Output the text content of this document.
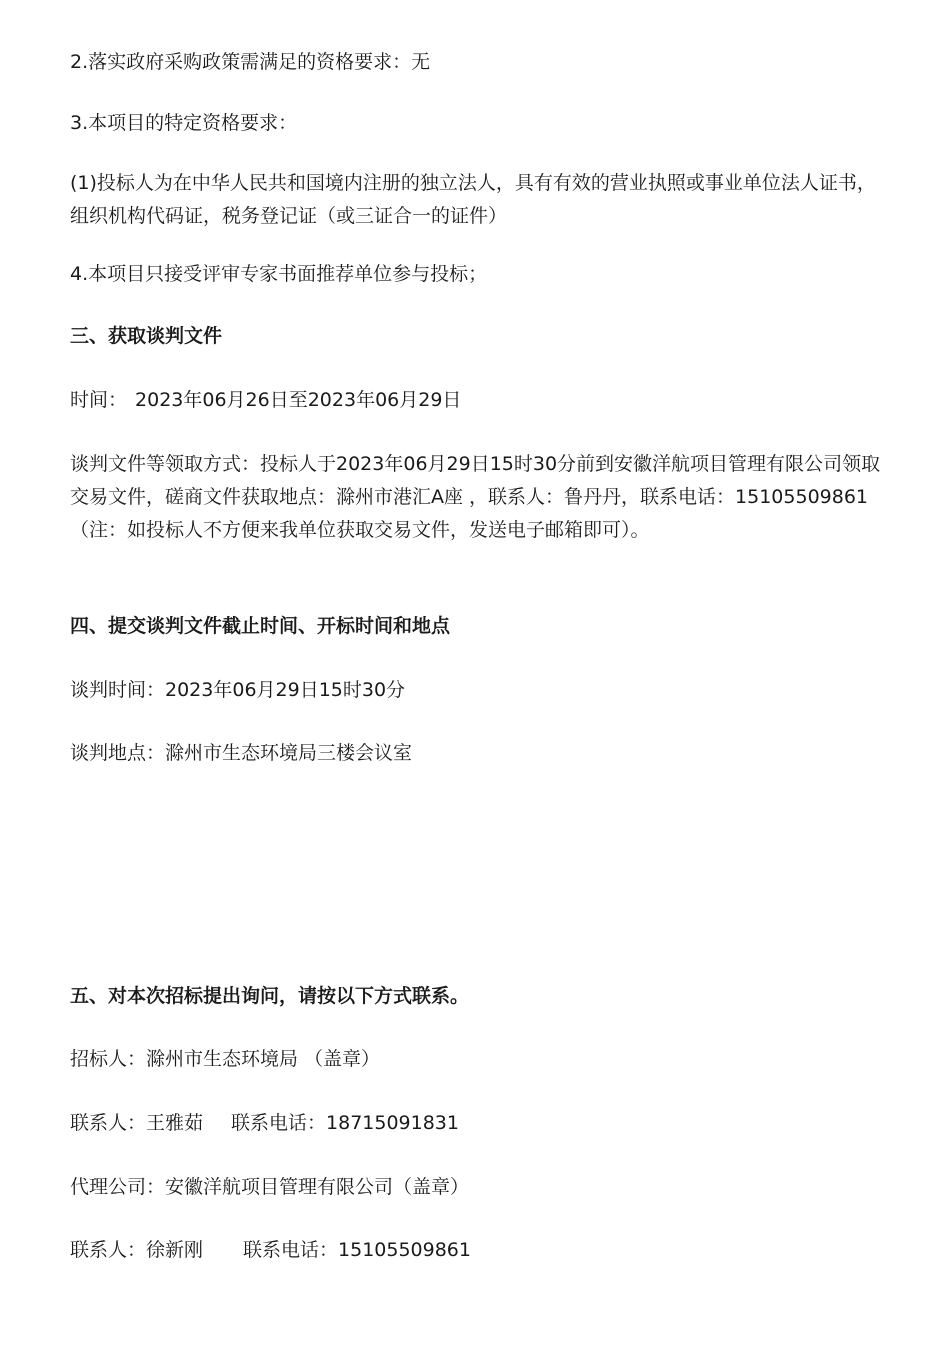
2.落实政府采购政策需满足的资格要求：无
3.本项目的特定资格要求：
(1)投标人为在中华人民共和国境内注册的独立法人，具有有效的营业执照或事业单位法人证书，组织机构代码证，税务登记证（或三证合一的证件）
4.本项目只接受评审专家书面推荐单位参与投标；
三、获取谈判文件
时间： 2023年06月26日至2023年06月29日
谈判文件等领取方式：投标人于2023年06月29日15时30分前到安徽洋航项目管理有限公司领取交易文件，磋商文件获取地点：滁州市港汇A座 ，联系人：鲁丹丹，联系电话：15105509861（注：如投标人不方便来我单位获取交易文件，发送电子邮箱即可）。
四、提交谈判文件截止时间、开标时间和地点
谈判时间：2023年06月29日15时30分
谈判地点：滁州市生态环境局三楼会议室
五、对本次招标提出询问，请按以下方式联系。
招标人：滁州市生态环境局 （盖章）
联系人：王雅茹 联系电话：18715091831
代理公司：安徽洋航项目管理有限公司（盖章）
联系人：徐新刚 联系电话：15105509861
